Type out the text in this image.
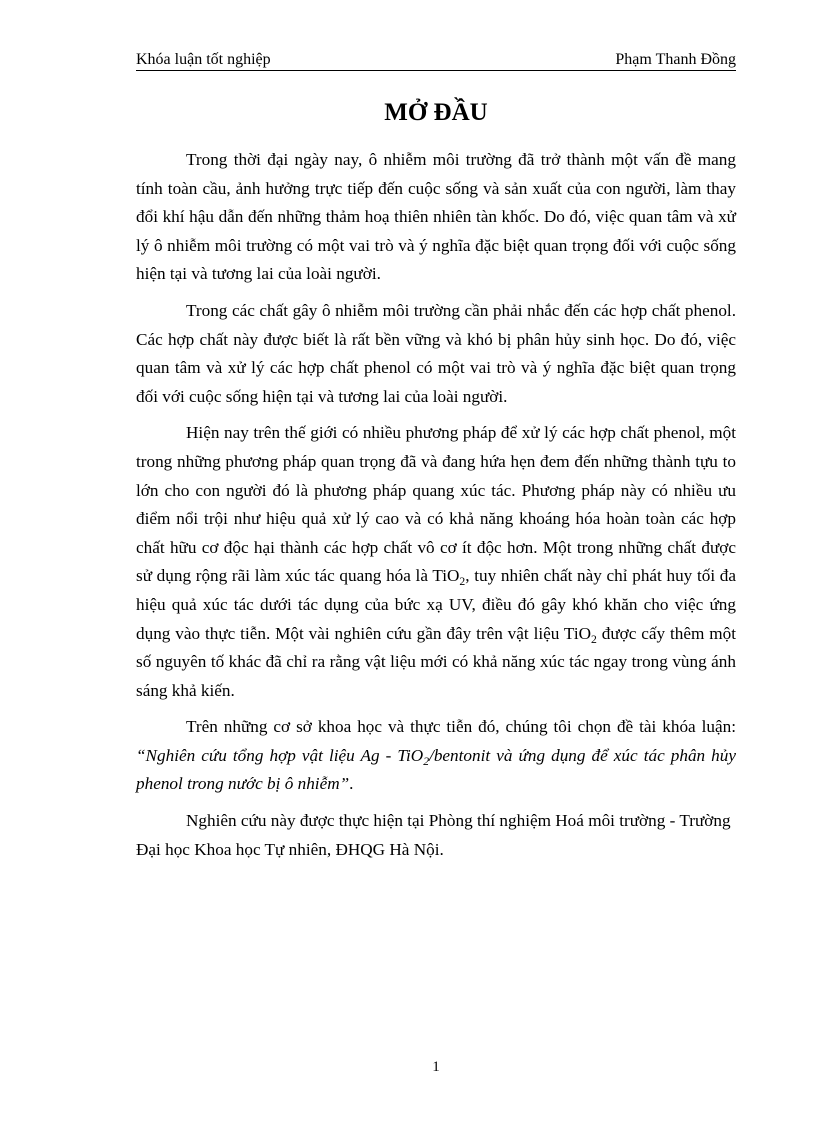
Khóa luận tốt nghiệp	Phạm Thanh Đồng
MỞ ĐẦU

Trong thời đại ngày nay, ô nhiễm môi trường đã trở thành một vấn đề mang tính toàn cầu, ảnh hưởng trực tiếp đến cuộc sống và sản xuất của con người, làm thay đổi khí hậu dẫn đến những thảm hoạ thiên nhiên tàn khốc. Do đó, việc quan tâm và xử lý ô nhiễm môi trường có một vai trò và ý nghĩa đặc biệt quan trọng đối với cuộc sống hiện tại và tương lai của loài người.

Trong các chất gây ô nhiễm môi trường cần phải nhắc đến các hợp chất phenol. Các hợp chất này được biết là rất bền vững và khó bị phân hủy sinh học. Do đó, việc quan tâm và xử lý các hợp chất phenol có một vai trò và ý nghĩa đặc biệt quan trọng đối với cuộc sống hiện tại và tương lai của loài người.

Hiện nay trên thế giới có nhiều phương pháp để xử lý các hợp chất phenol, một trong những phương pháp quan trọng đã và đang hứa hẹn đem đến những thành tựu to lớn cho con người đó là phương pháp quang xúc tác. Phương pháp này có nhiều ưu điểm nổi trội như hiệu quả xử lý cao và có khả năng khoáng hóa hoàn toàn các hợp chất hữu cơ độc hại thành các hợp chất vô cơ ít độc hơn. Một trong những chất được sử dụng rộng rãi làm xúc tác quang hóa là TiO$_2$, tuy nhiên chất này chỉ phát huy tối đa hiệu quả xúc tác dưới tác dụng của bức xạ UV, điều đó gây khó khăn cho việc ứng dụng vào thực tiễn. Một vài nghiên cứu gần đây trên vật liệu TiO$_2$ được cấy thêm một số nguyên tố khác đã chỉ ra rằng vật liệu mới có khả năng xúc tác ngay trong vùng ánh sáng khả kiến.

Trên những cơ sở khoa học và thực tiễn đó, chúng tôi chọn đề tài khóa luận: “Nghiên cứu tổng hợp vật liệu Ag - TiO$_2$/bentonit và ứng dụng để xúc tác phân hủy phenol trong nước bị ô nhiễm”.

Nghiên cứu này được thực hiện tại Phòng thí nghiệm Hoá môi trường - Trường Đại học Khoa học Tự nhiên, ĐHQG Hà Nội.

1
